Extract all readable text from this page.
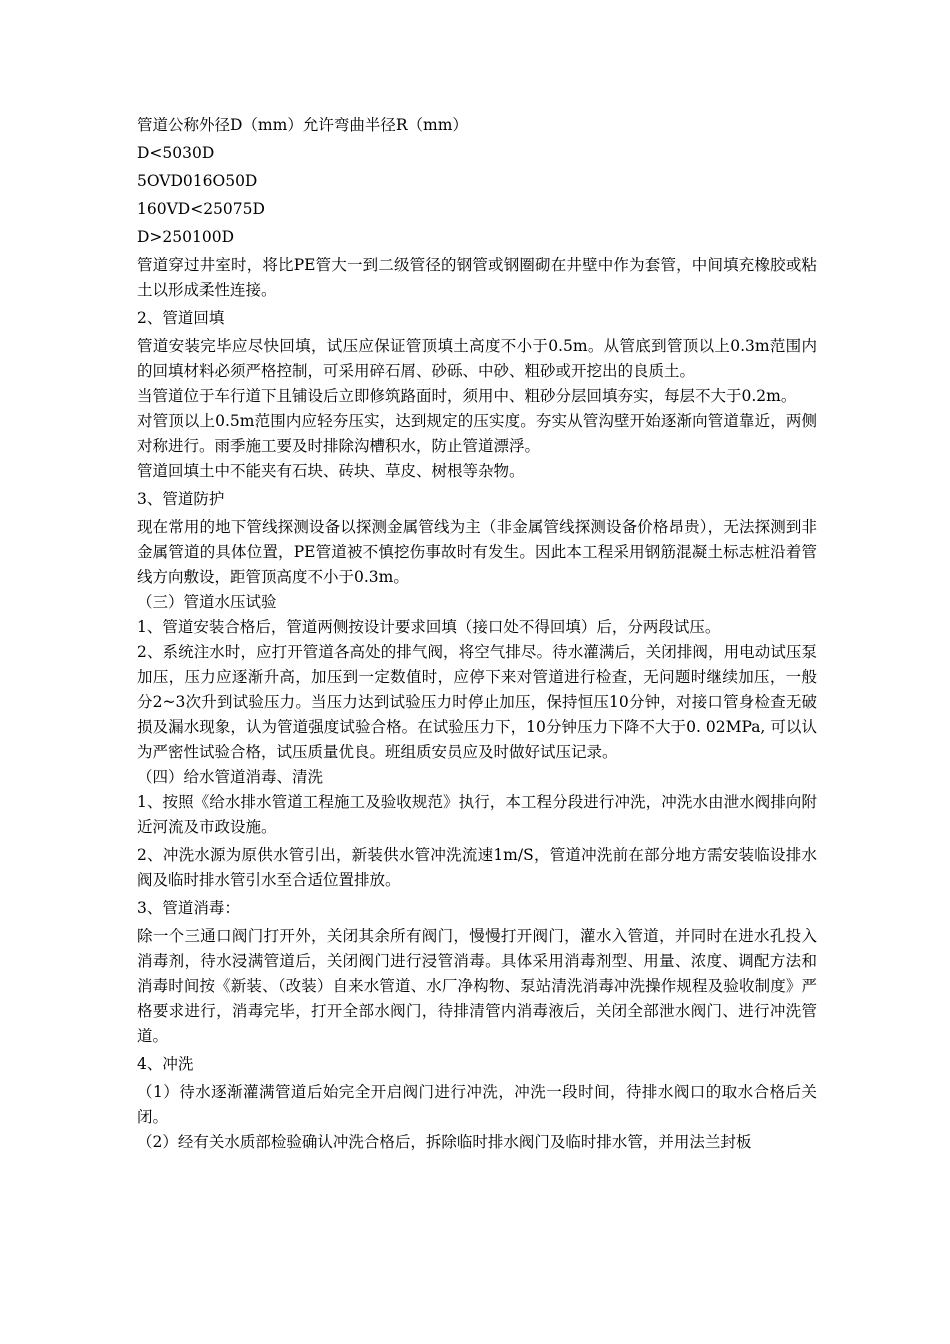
管道公称外径D（mm）允许弯曲半径R（mm）

D<5030D

5OVD016O50D

160VD<25075D

D>250100D

管道穿过井室时，将比PE管大一到二级管径的钢管或钢圈砌在井壁中作为套管，中间填充橡胶或粘土以形成柔性连接。

2、管道回填

管道安装完毕应尽快回填，试压应保证管顶填土高度不小于0.5m。从管底到管顶以上0.3m范围内的回填材料必须严格控制，可采用碎石屑、砂砾、中砂、粗砂或开挖出的良质土。

当管道位于车行道下且铺设后立即修筑路面时，须用中、粗砂分层回填夯实，每层不大于0.2m。

对管顶以上0.5m范围内应轻夯压实，达到规定的压实度。夯实从管沟壁开始逐渐向管道靠近，两侧对称进行。雨季施工要及时排除沟槽积水，防止管道漂浮。

管道回填土中不能夹有石块、砖块、草皮、树根等杂物。

3、管道防护

现在常用的地下管线探测设备以探测金属管线为主（非金属管线探测设备价格昂贵），无法探测到非金属管道的具体位置，PE管道被不慎挖伤事故时有发生。因此本工程采用钢筋混凝土标志桩沿着管线方向敷设，距管顶高度不小于0.3m。

（三）管道水压试验

1、管道安装合格后，管道两侧按设计要求回填（接口处不得回填）后，分两段试压。

2、系统注水时，应打开管道各高处的排气阀，将空气排尽。待水灌满后，关闭排阀，用电动试压泵加压，压力应逐渐升高，加压到一定数值时，应停下来对管道进行检查，无问题时继续加压，一般分2~3次升到试验压力。当压力达到试验压力时停止加压，保持恒压10分钟，对接口管身检查无破损及漏水现象，认为管道强度试验合格。在试验压力下，10分钟压力下降不大于0. 02MPa, 可以认为严密性试验合格，试压质量优良。班组质安员应及时做好试压记录。

（四）给水管道消毒、清洗

1、按照《给水排水管道工程施工及验收规范》执行，本工程分段进行冲洗，冲洗水由泄水阀排向附近河流及市政设施。

2、冲洗水源为原供水管引出，新装供水管冲洗流速1m/S，管道冲洗前在部分地方需安装临设排水阀及临时排水管引水至合适位置排放。

3、管道消毒：

除一个三通口阀门打开外，关闭其余所有阀门，慢慢打开阀门，灌水入管道，并同时在进水孔投入消毒剂，待水浸满管道后，关闭阀门进行浸管消毒。具体采用消毒剂型、用量、浓度、调配方法和消毒时间按《新装、（改装）自来水管道、水厂净构物、泵站清洗消毒冲洗操作规程及验收制度》严格要求进行，消毒完毕，打开全部水阀门，待排清管内消毒液后，关闭全部泄水阀门、进行冲洗管道。

4、冲洗

（1）待水逐渐灌满管道后始完全开启阀门进行冲洗，冲洗一段时间，待排水阀口的取水合格后关闭。

（2）经有关水质部检验确认冲洗合格后，拆除临时排水阀门及临时排水管，并用法兰封板
